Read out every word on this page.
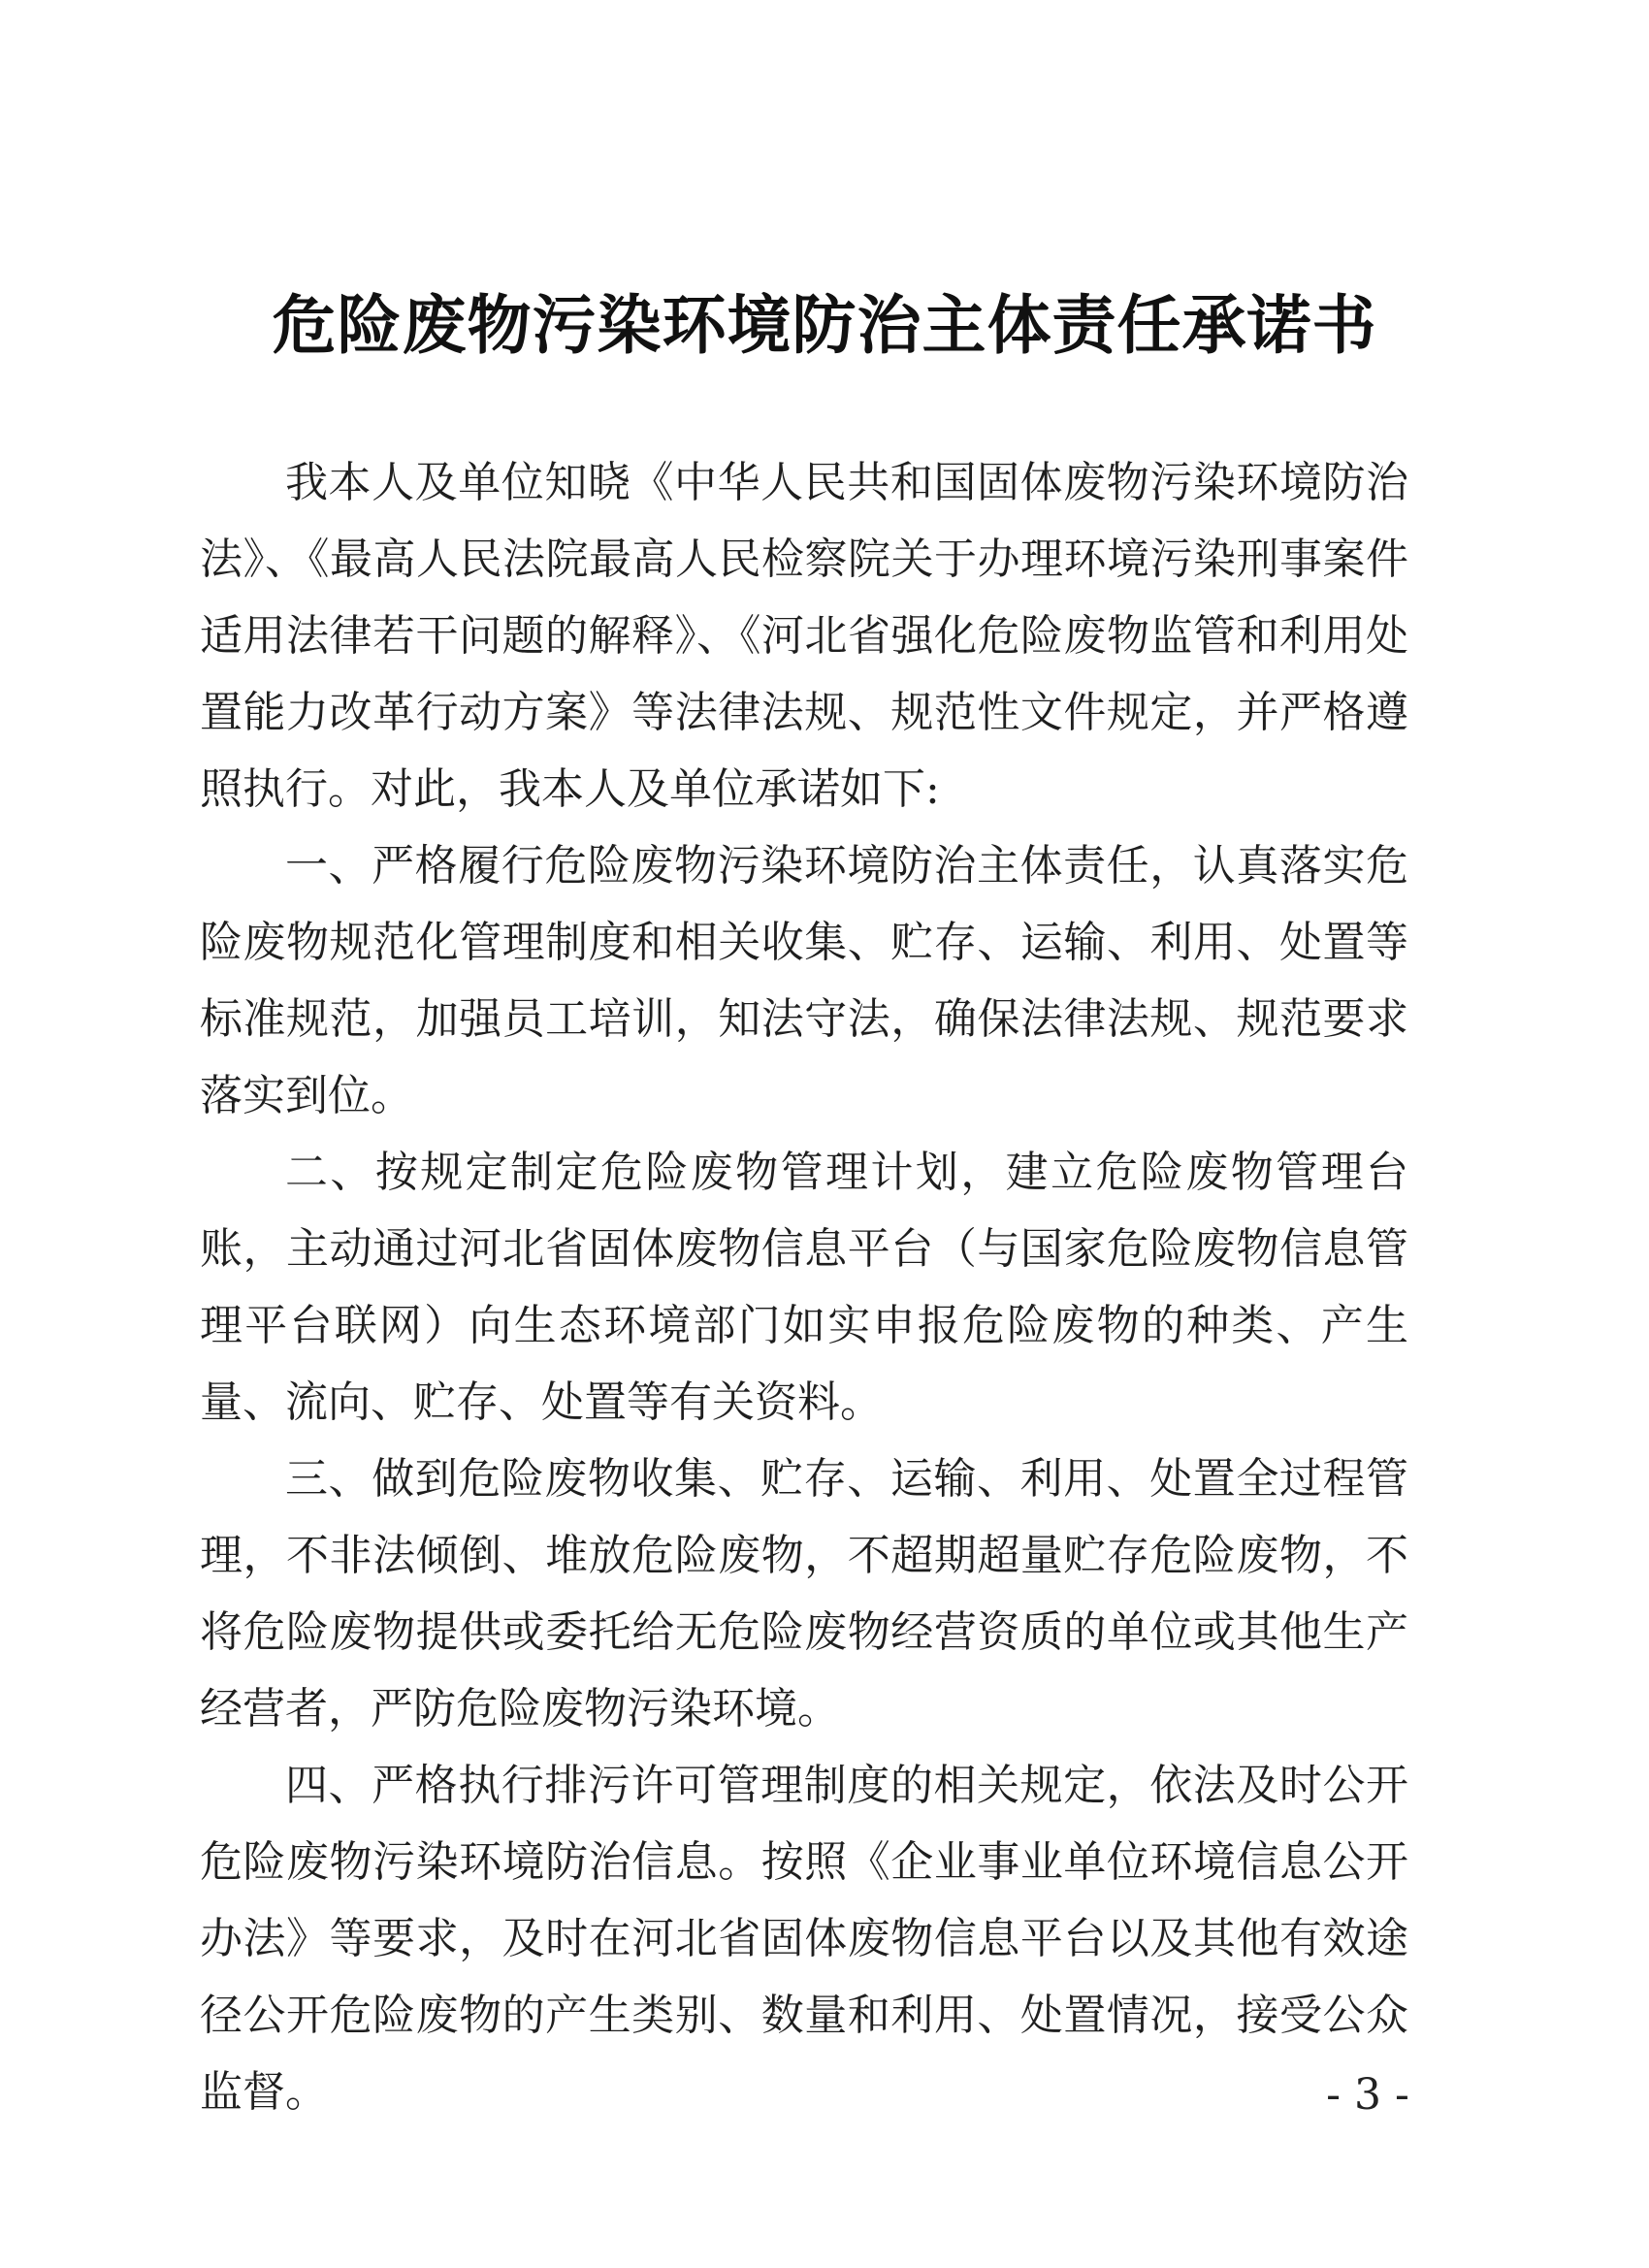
危险废物污染环境防治主体责任承诺书

我本人及单位知晓《中华人民共和国固体废物污染环境防治法》、《最高人民法院最高人民检察院关于办理环境污染刑事案件适用法律若干问题的解释》、《河北省强化危险废物监管和利用处置能力改革行动方案》等法律法规、规范性文件规定，并严格遵照执行。对此，我本人及单位承诺如下:

一、严格履行危险废物污染环境防治主体责任，认真落实危险废物规范化管理制度和相关收集、贮存、运输、利用、处置等标准规范，加强员工培训，知法守法，确保法律法规、规范要求落实到位。

二、按规定制定危险废物管理计划，建立危险废物管理台账，主动通过河北省固体废物信息平台（与国家危险废物信息管理平台联网）向生态环境部门如实申报危险废物的种类、产生量、流向、贮存、处置等有关资料。

三、做到危险废物收集、贮存、运输、利用、处置全过程管理，不非法倾倒、堆放危险废物，不超期超量贮存危险废物，不将危险废物提供或委托给无危险废物经营资质的单位或其他生产经营者，严防危险废物污染环境。

四、严格执行排污许可管理制度的相关规定，依法及时公开危险废物污染环境防治信息。按照《企业事业单位环境信息公开办法》等要求，及时在河北省固体废物信息平台以及其他有效途径公开危险废物的产生类别、数量和利用、处置情况，接受公众监督。	- 3 -
